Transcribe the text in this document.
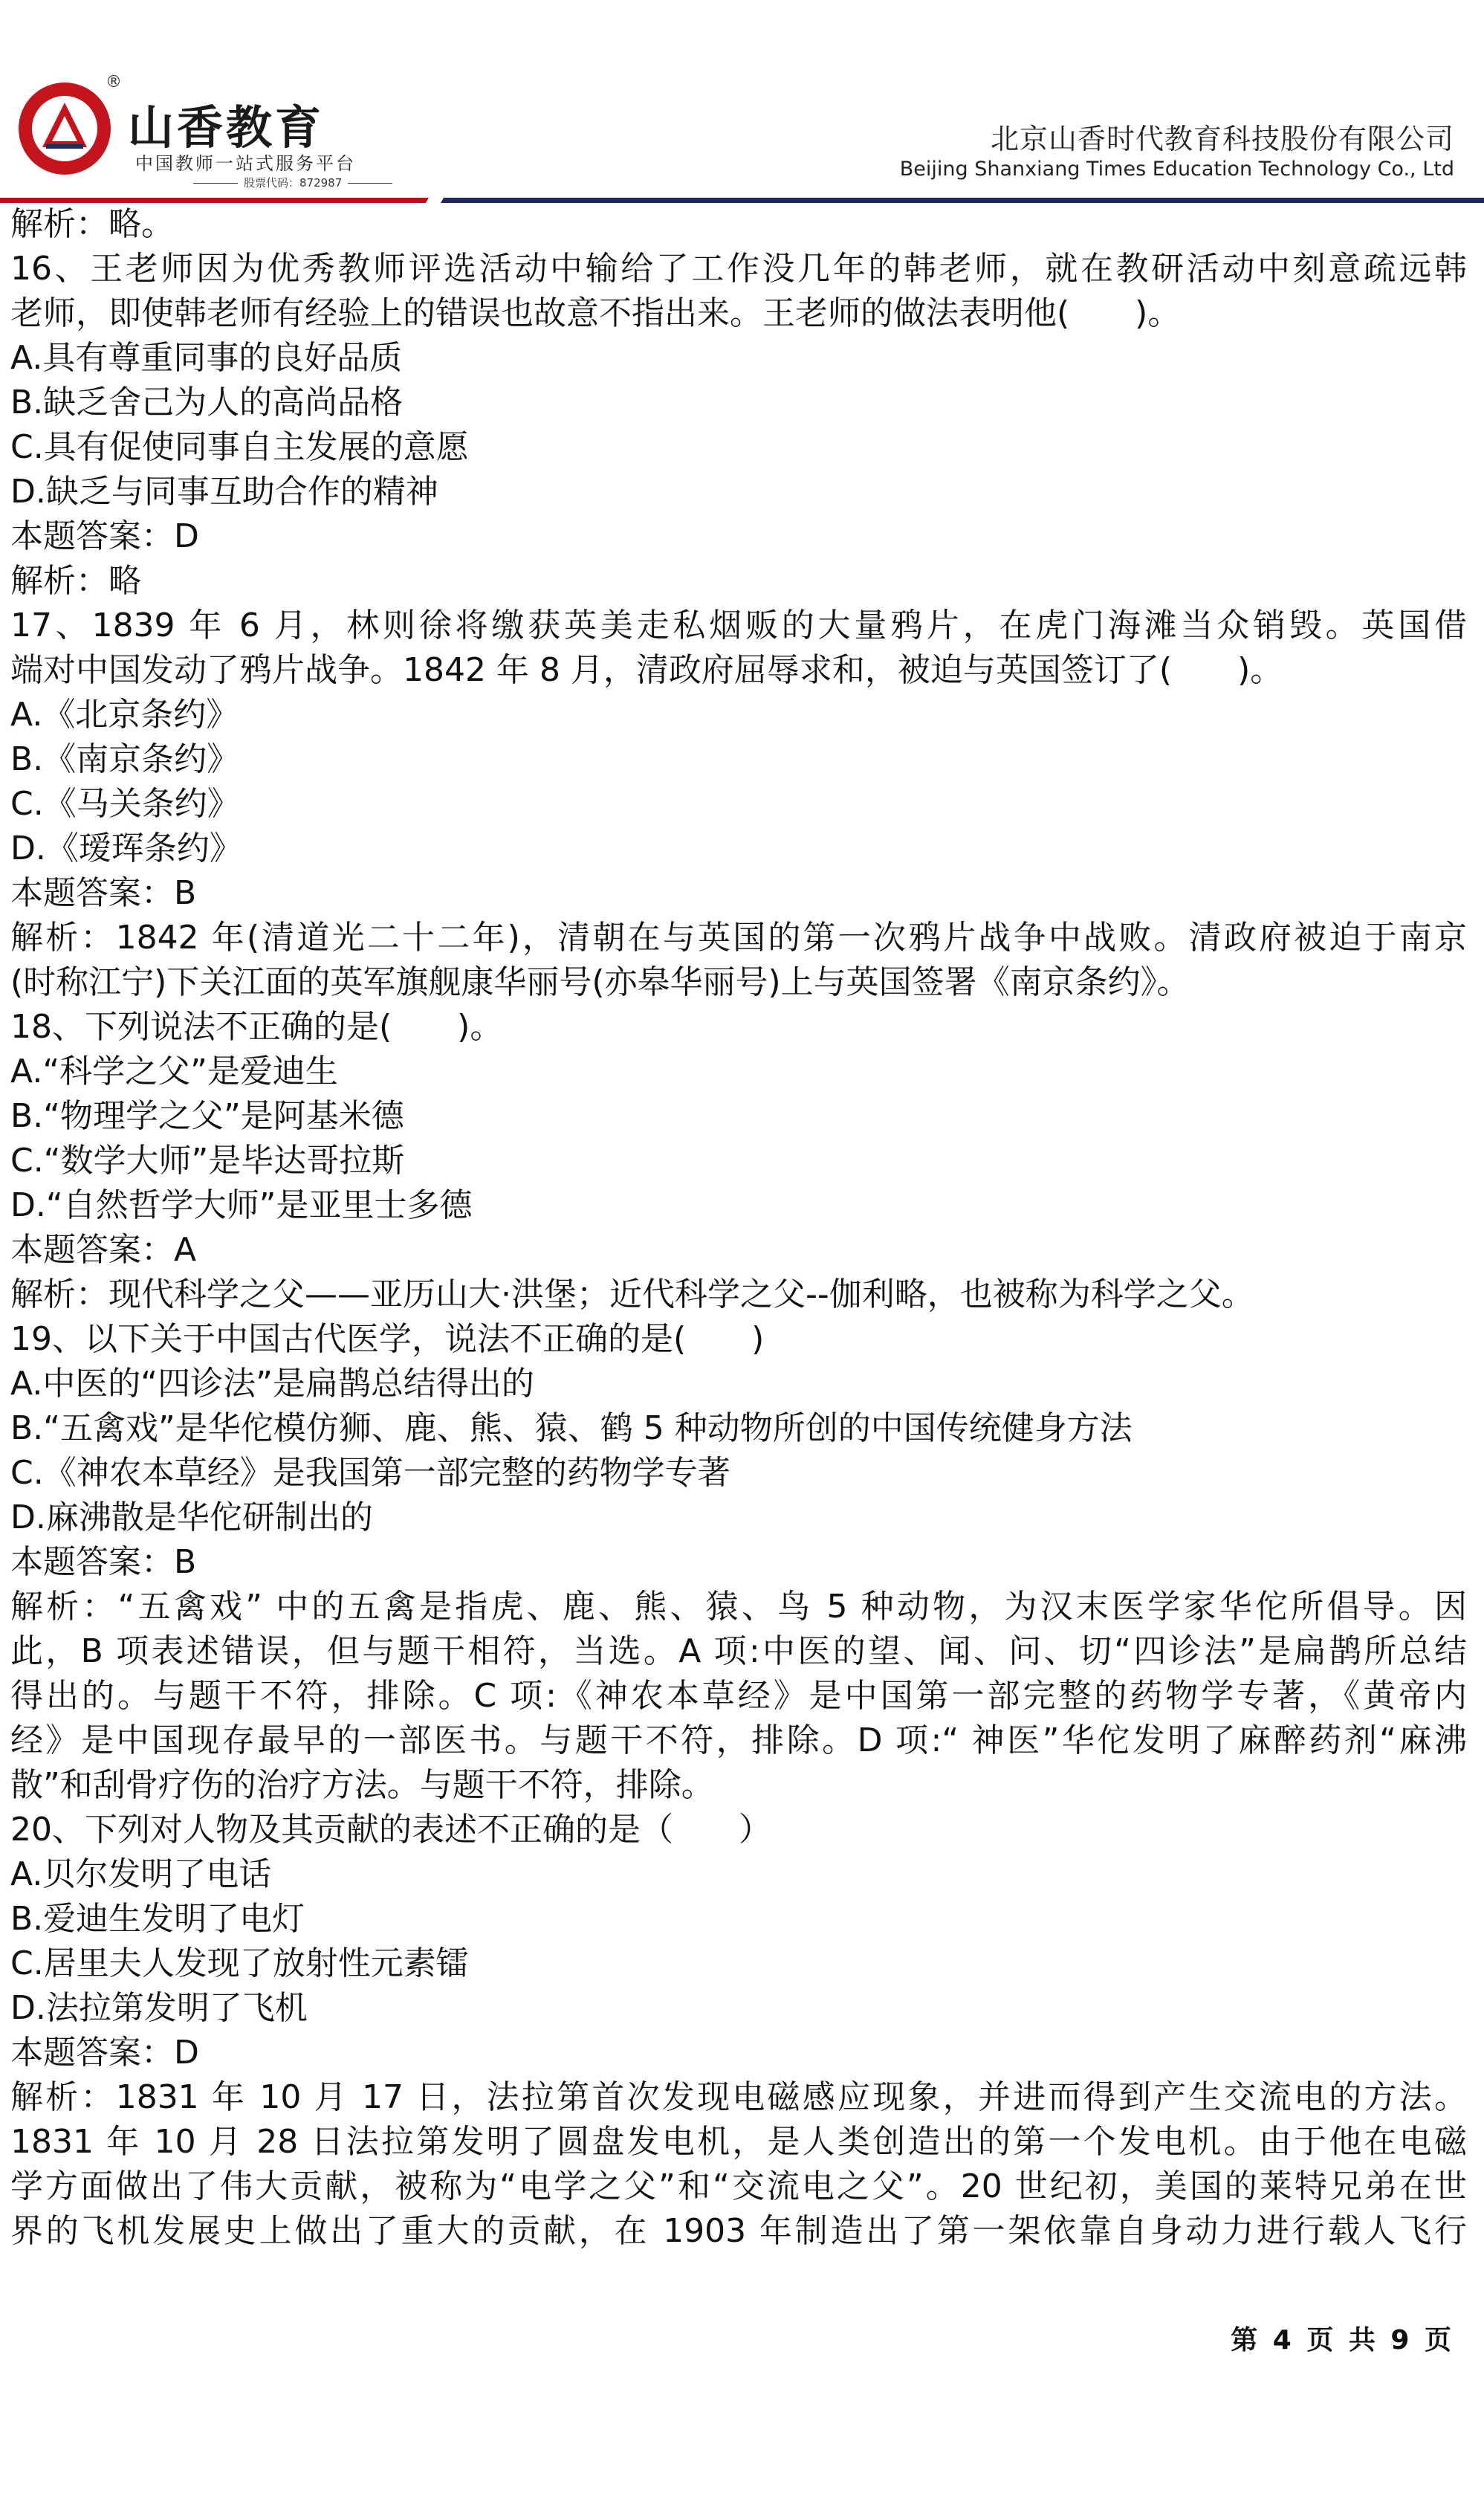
®
山香教育
中国教师一站式服务平台
股票代码：872987
北京山香时代教育科技股份有限公司
Beijing Shanxiang Times Education Technology Co., Ltd
解析：略。
16、王老师因为优秀教师评选活动中输给了工作没几年的韩老师，就在教研活动中刻意疏远韩
老师，即使韩老师有经验上的错误也故意不指出来。王老师的做法表明他(　　)。
A.具有尊重同事的良好品质
B.缺乏舍己为人的高尚品格
C.具有促使同事自主发展的意愿
D.缺乏与同事互助合作的精神
本题答案：D
解析：略
17、1839 年 6 月，林则徐将缴获英美走私烟贩的大量鸦片，在虎门海滩当众销毁。英国借
端对中国发动了鸦片战争。1842 年 8 月，清政府屈辱求和，被迫与英国签订了(　　)。
A.《北京条约》
B.《南京条约》
C.《马关条约》
D.《瑷珲条约》
本题答案：B
解析：1842 年(清道光二十二年)，清朝在与英国的第一次鸦片战争中战败。清政府被迫于南京
(时称江宁)下关江面的英军旗舰康华丽号(亦皋华丽号)上与英国签署《南京条约》。
18、下列说法不正确的是(　　)。
A.“科学之父”是爱迪生
B.“物理学之父”是阿基米德
C.“数学大师”是毕达哥拉斯
D.“自然哲学大师”是亚里士多德
本题答案：A
解析：现代科学之父——亚历山大·洪堡；近代科学之父--伽利略，也被称为科学之父。
19、以下关于中国古代医学，说法不正确的是(　　)
A.中医的“四诊法”是扁鹊总结得出的
B.“五禽戏”是华佗模仿狮、鹿、熊、猿、鹤 5 种动物所创的中国传统健身方法
C.《神农本草经》是我国第一部完整的药物学专著
D.麻沸散是华佗研制出的
本题答案：B
解析：“五禽戏” 中的五禽是指虎、鹿、熊、猿、鸟 5 种动物，为汉末医学家华佗所倡导。因
此，B 项表述错误，但与题干相符，当选。A 项:中医的望、闻、问、切“四诊法”是扁鹊所总结
得出的。与题干不符，排除。C 项:《神农本草经》是中国第一部完整的药物学专著，《黄帝内
经》是中国现存最早的一部医书。与题干不符，排除。D 项:“ 神医”华佗发明了麻醉药剂“麻沸
散”和刮骨疗伤的治疗方法。与题干不符，排除。
20、下列对人物及其贡献的表述不正确的是（　　）
A.贝尔发明了电话
B.爱迪生发明了电灯
C.居里夫人发现了放射性元素镭
D.法拉第发明了飞机
本题答案：D
解析：1831 年 10 月 17 日，法拉第首次发现电磁感应现象，并进而得到产生交流电的方法。
1831 年 10 月 28 日法拉第发明了圆盘发电机，是人类创造出的第一个发电机。由于他在电磁
学方面做出了伟大贡献，被称为“电学之父”和“交流电之父”。20 世纪初，美国的莱特兄弟在世
界的飞机发展史上做出了重大的贡献，在 1903 年制造出了第一架依靠自身动力进行载人飞行
第 4 页 共 9 页
